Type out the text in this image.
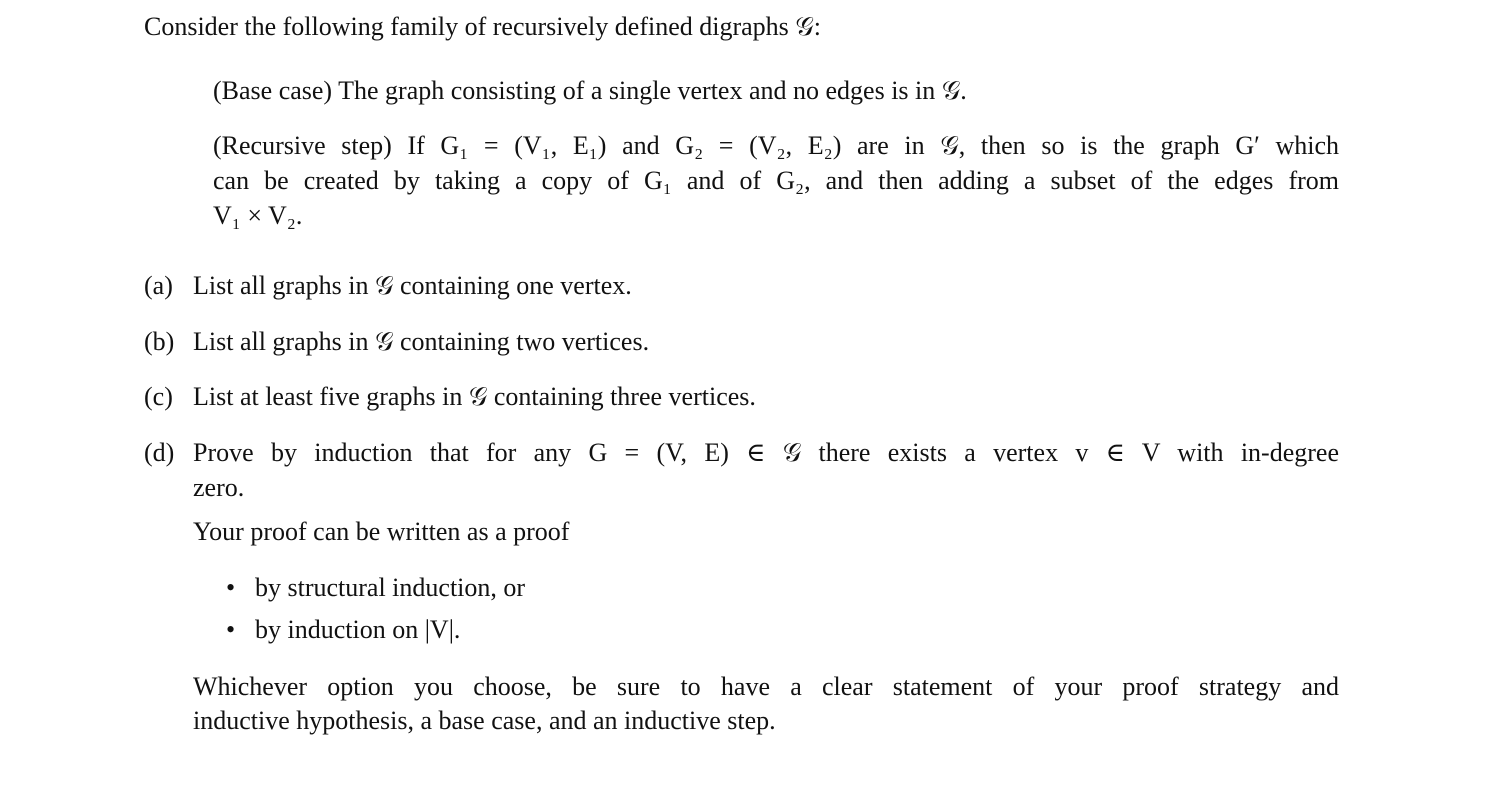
Consider the following family of recursively defined digraphs 𝒢:
(Base case) The graph consisting of a single vertex and no edges is in 𝒢.
(Recursive step) If G₁ = (V₁, E₁) and G₂ = (V₂, E₂) are in 𝒢, then so is the graph G′ which
can be created by taking a copy of G₁ and of G₂, and then adding a subset of the edges from
V₁ × V₂.
(a) List all graphs in 𝒢 containing one vertex.
(b) List all graphs in 𝒢 containing two vertices.
(c) List at least five graphs in 𝒢 containing three vertices.
(d) Prove by induction that for any G = (V, E) ∈ 𝒢 there exists a vertex v ∈ V with in-degree
zero.
Your proof can be written as a proof
• by structural induction, or
• by induction on |V|.
Whichever option you choose, be sure to have a clear statement of your proof strategy and
inductive hypothesis, a base case, and an inductive step.
